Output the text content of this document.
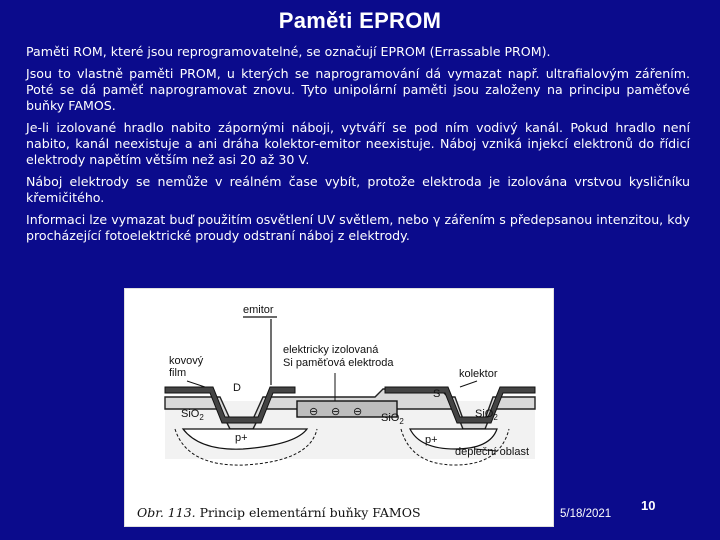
Paměti EPROM

Paměti ROM, které jsou reprogramovatelné, se označují EPROM (Errassable PROM).

Jsou to vlastně paměti PROM, u kterých se naprogramování dá vymazat např. ultrafialovým zářením. Poté se dá paměť naprogramovat znovu. Tyto unipolární paměti jsou založeny na principu paměťové buňky FAMOS.

Je-li izolované hradlo nabito zápornými náboji, vytváří se pod ním vodivý kanál. Pokud hradlo není nabito, kanál neexistuje a ani dráha kolektor-emitor neexistuje. Náboj vzniká injekcí elektronů do řídicí elektrody napětím větším než asi 20 až 30 V.

Náboj elektrody se nemůže v reálném čase vybít, protože elektroda je izolována vrstvou kysličníku křemičitého.

Informaci lze vymazat buď použitím osvětlení UV světlem, nebo γ zářením s předepsanou intenzitou, kdy procházející fotoelektrické proudy odstraní náboj z elektrody.

emitor
elektricky izolovaná
Si paměťová elektroda
kovový
film	kolektor
D	S
SiO$_2$	SiO$_2$
SiO$_2$
⊖ ⊖ ⊖
p+	p+
depleční oblast
Obr. 113. Princip elementární buňky FAMOS	5/18/2021
10
